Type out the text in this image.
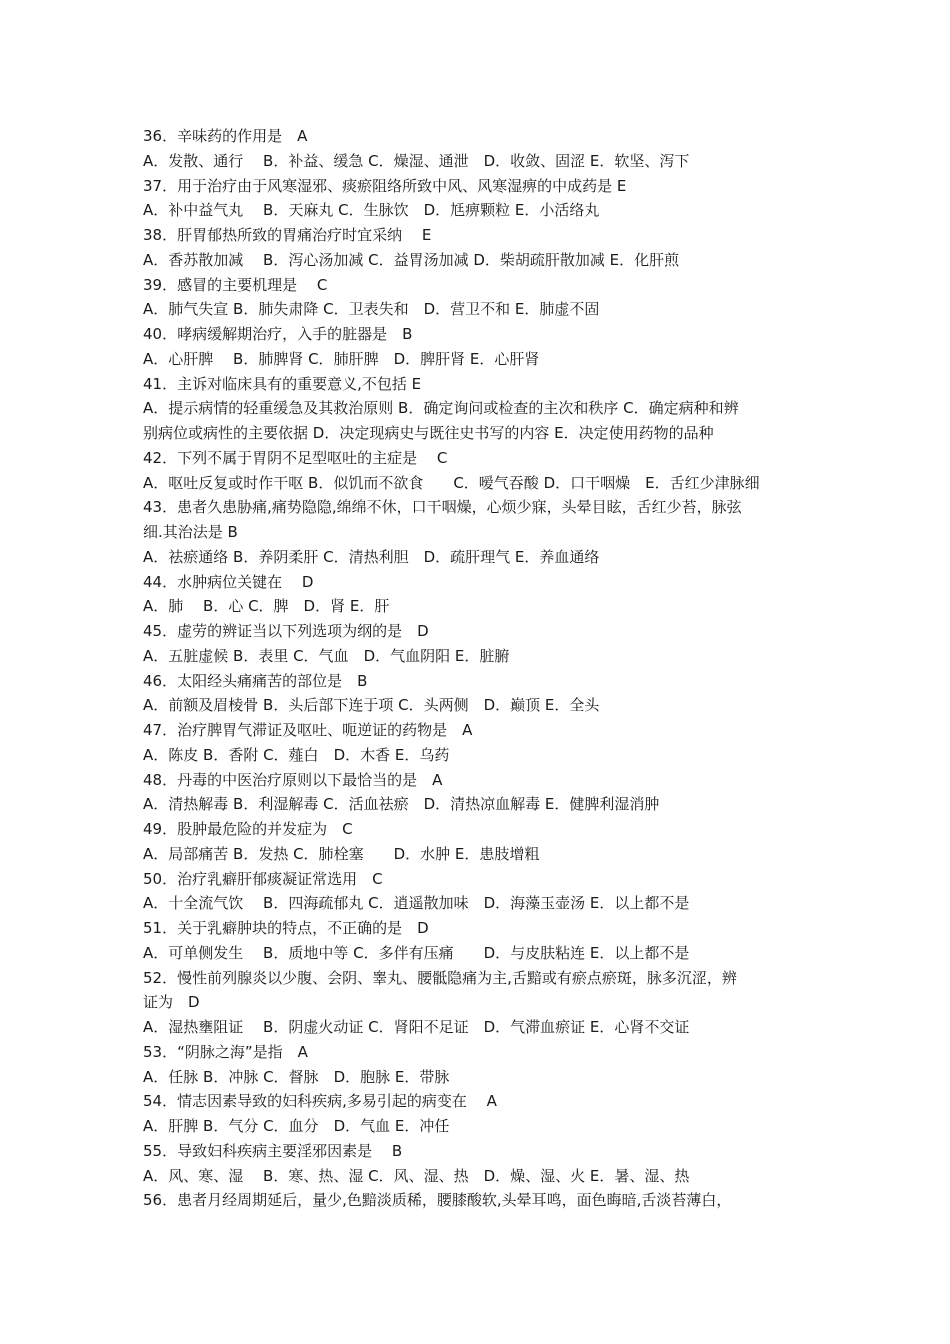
36．辛味药的作用是　A
A．发散、通行　 B．补益、缓急 C．燥湿、通泄　D．收敛、固涩 E．软坚、泻下
37．用于治疗由于风寒湿邪、痰瘀阻络所致中风、风寒湿痹的中成药是 E
A．补中益气丸　 B．天麻丸 C．生脉饮　D．尪痹颗粒 E．小活络丸
38．肝胃郁热所致的胃痛治疗时宜采纳　 E
A．香苏散加减　 B．泻心汤加减 C．益胃汤加减 D．柴胡疏肝散加减 E．化肝煎
39．感冒的主要机理是　 C
A．肺气失宣 B．肺失肃降 C．卫表失和　D．营卫不和 E．肺虚不固
40．哮病缓解期治疗，入手的脏器是　B
A．心肝脾　 B．肺脾肾 C．肺肝脾　D．脾肝肾 E．心肝肾
41．主诉对临床具有的重要意义,不包括 E
A．提示病情的轻重缓急及其救治原则 B．确定询问或检查的主次和秩序 C．确定病种和辨
别病位或病性的主要依据 D．决定现病史与既往史书写的内容 E．决定使用药物的品种
42．下列不属于胃阴不足型呕吐的主症是　 C
A．呕吐反复或时作干呕 B．似饥而不欲食　　C．嗳气吞酸 D．口干咽燥　E．舌红少津脉细
43．患者久患胁痛,痛势隐隐,绵绵不休，口干咽燥，心烦少寐，头晕目眩，舌红少苔，脉弦
细.其治法是 B
A．祛瘀通络 B．养阴柔肝 C．清热利胆　D．疏肝理气 E．养血通络
44．水肿病位关键在　 D
A．肺　 B．心 C．脾　D．肾 E．肝
45．虚劳的辨证当以下列选项为纲的是　D
A．五脏虚候 B．表里 C．气血　D．气血阴阳 E．脏腑
46．太阳经头痛痛苦的部位是　B
A．前额及眉棱骨 B．头后部下连于项 C．头两侧　D．巅顶 E．全头
47．治疗脾胃气滞证及呕吐、呃逆证的药物是　A
A．陈皮 B．香附 C．薤白　D．木香 E．乌药
48．丹毒的中医治疗原则以下最恰当的是　A
A．清热解毒 B．利湿解毒 C．活血祛瘀　D．清热凉血解毒 E．健脾利湿消肿
49．股肿最危险的并发症为　C
A．局部痛苦 B．发热 C．肺栓塞　　D．水肿 E．患肢增粗
50．治疗乳癖肝郁痰凝证常选用　C
A．十全流气饮　 B．四海疏郁丸 C．逍遥散加味　D．海藻玉壶汤 E．以上都不是
51．关于乳癖肿块的特点，不正确的是　D
A．可单侧发生　 B．质地中等 C．多伴有压痛　　D．与皮肤粘连 E．以上都不是
52．慢性前列腺炎以少腹、会阴、睾丸、腰骶隐痛为主,舌黯或有瘀点瘀斑，脉多沉涩，辨
证为　D
A．湿热壅阻证　 B．阴虚火动证 C．肾阳不足证　D．气滞血瘀证 E．心肾不交证
53．“阴脉之海”是指　A
A．任脉 B．冲脉 C．督脉　D．胞脉 E．带脉
54．情志因素导致的妇科疾病,多易引起的病变在　 A
A．肝脾 B．气分 C．血分　D．气血 E．冲任
55．导致妇科疾病主要淫邪因素是　 B
A．风、寒、湿　 B．寒、热、湿 C．风、湿、热　D．燥、湿、火 E．暑、湿、热
56．患者月经周期延后，量少,色黯淡质稀，腰膝酸软,头晕耳鸣，面色晦暗,舌淡苔薄白，
